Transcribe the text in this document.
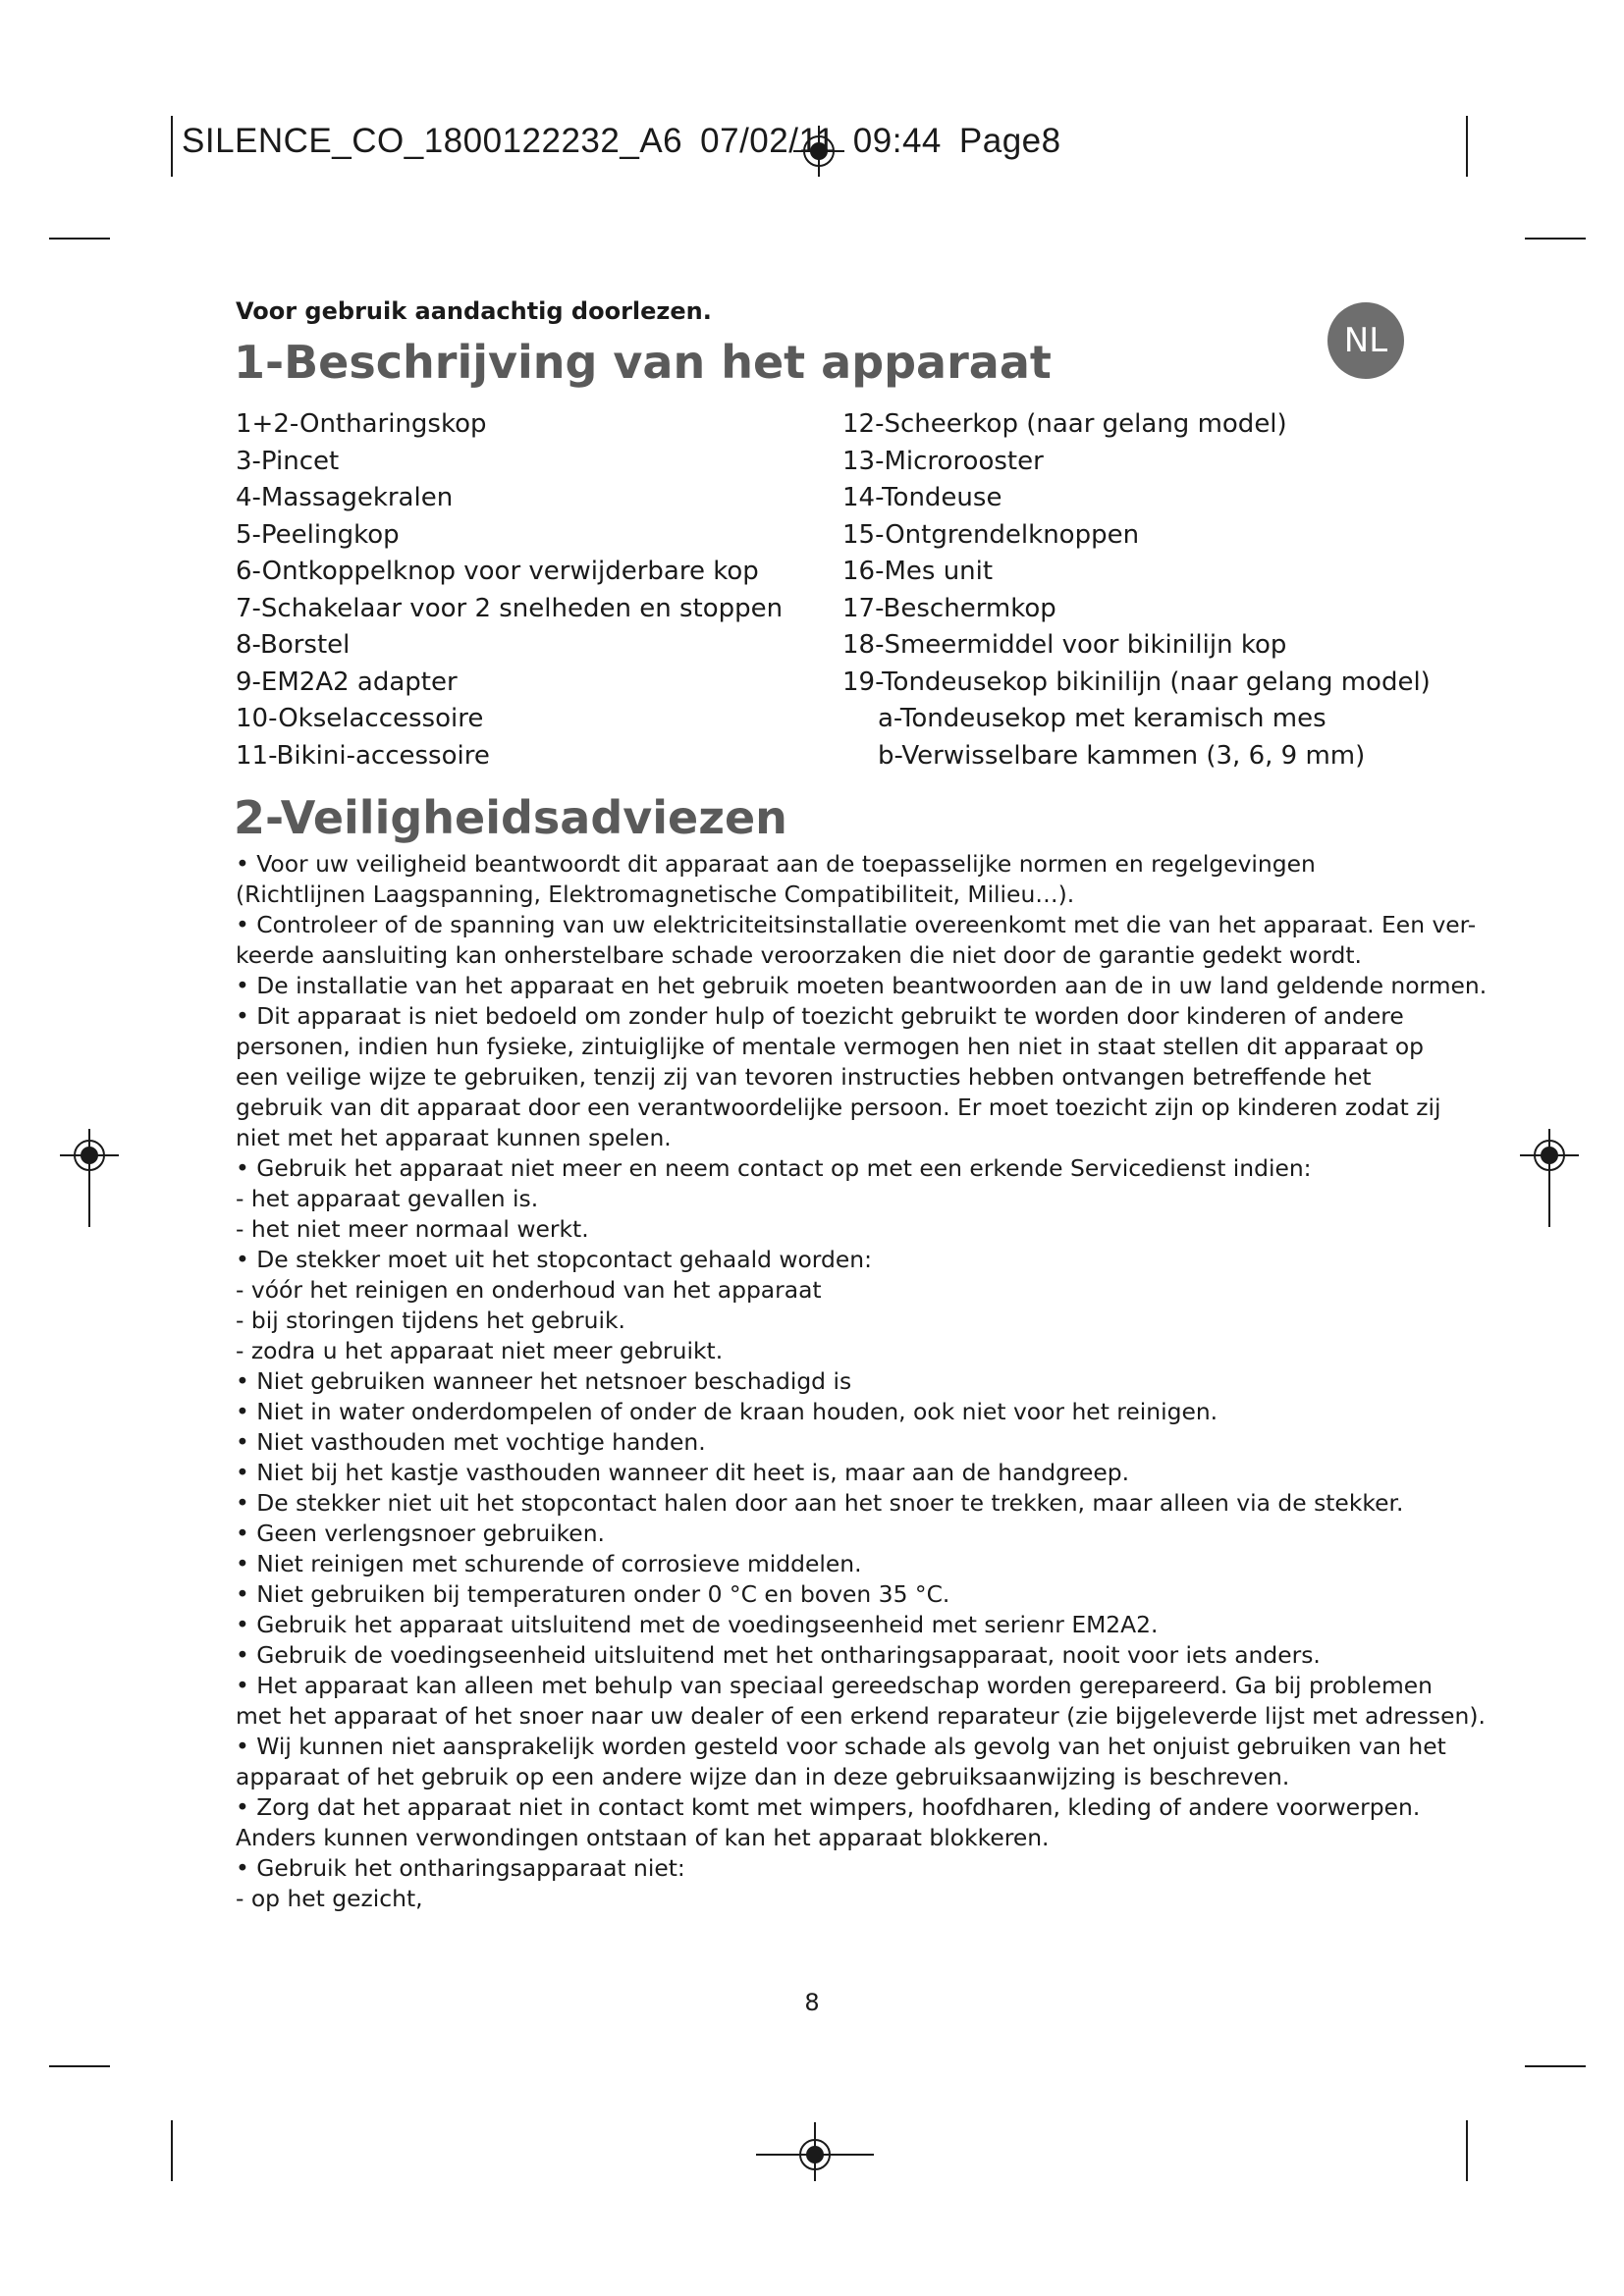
SILENCE_CO_1800122232_A6 07/02/11 09:44 Page8
Voor gebruik aandachtig doorlezen.
NL
1-Beschrijving van het apparaat
1+2-Ontharingskop
3-Pincet
4-Massagekralen
5-Peelingkop
6-Ontkoppelknop voor verwijderbare kop
7-Schakelaar voor 2 snelheden en stoppen
8-Borstel
9-EM2A2 adapter
10-Okselaccessoire
11-Bikini-accessoire
12-Scheerkop (naar gelang model)
13-Microrooster
14-Tondeuse
15-Ontgrendelknoppen
16-Mes unit
17-Beschermkop
18-Smeermiddel voor bikinilijn kop
19-Tondeusekop bikinilijn (naar gelang model)
a-Tondeusekop met keramisch mes
b-Verwisselbare kammen (3, 6, 9 mm)
2-Veiligheidsadviezen

• Voor uw veiligheid beantwoordt dit apparaat aan de toepasselijke normen en regelgevingen

(Richtlijnen Laagspanning, Elektromagnetische Compatibiliteit, Milieu…).

• Controleer of de spanning van uw elektriciteitsinstallatie overeenkomt met die van het apparaat. Een ver-

keerde aansluiting kan onherstelbare schade veroorzaken die niet door de garantie gedekt wordt.

• De installatie van het apparaat en het gebruik moeten beantwoorden aan de in uw land geldende normen.

• Dit apparaat is niet bedoeld om zonder hulp of toezicht gebruikt te worden door kinderen of andere

personen, indien hun fysieke, zintuiglijke of mentale vermogen hen niet in staat stellen dit apparaat op

een veilige wijze te gebruiken, tenzij zij van tevoren instructies hebben ontvangen betreffende het

gebruik van dit apparaat door een verantwoordelijke persoon. Er moet toezicht zijn op kinderen zodat zij

niet met het apparaat kunnen spelen.

• Gebruik het apparaat niet meer en neem contact op met een erkende Servicedienst indien:

- het apparaat gevallen is.

- het niet meer normaal werkt.

• De stekker moet uit het stopcontact gehaald worden:

- vóór het reinigen en onderhoud van het apparaat

- bij storingen tijdens het gebruik.

- zodra u het apparaat niet meer gebruikt.

• Niet gebruiken wanneer het netsnoer beschadigd is

• Niet in water onderdompelen of onder de kraan houden, ook niet voor het reinigen.

• Niet vasthouden met vochtige handen.

• Niet bij het kastje vasthouden wanneer dit heet is, maar aan de handgreep.

• De stekker niet uit het stopcontact halen door aan het snoer te trekken, maar alleen via de stekker.

• Geen verlengsnoer gebruiken.

• Niet reinigen met schurende of corrosieve middelen.

• Niet gebruiken bij temperaturen onder 0 °C en boven 35 °C.

• Gebruik het apparaat uitsluitend met de voedingseenheid met serienr EM2A2.

• Gebruik de voedingseenheid uitsluitend met het ontharingsapparaat, nooit voor iets anders.

• Het apparaat kan alleen met behulp van speciaal gereedschap worden gerepareerd. Ga bij problemen

met het apparaat of het snoer naar uw dealer of een erkend reparateur (zie bijgeleverde lijst met adressen).

• Wij kunnen niet aansprakelijk worden gesteld voor schade als gevolg van het onjuist gebruiken van het

apparaat of het gebruik op een andere wijze dan in deze gebruiksaanwijzing is beschreven.

• Zorg dat het apparaat niet in contact komt met wimpers, hoofdharen, kleding of andere voorwerpen.

Anders kunnen verwondingen ontstaan of kan het apparaat blokkeren.

• Gebruik het ontharingsapparaat niet:

- op het gezicht,

8
